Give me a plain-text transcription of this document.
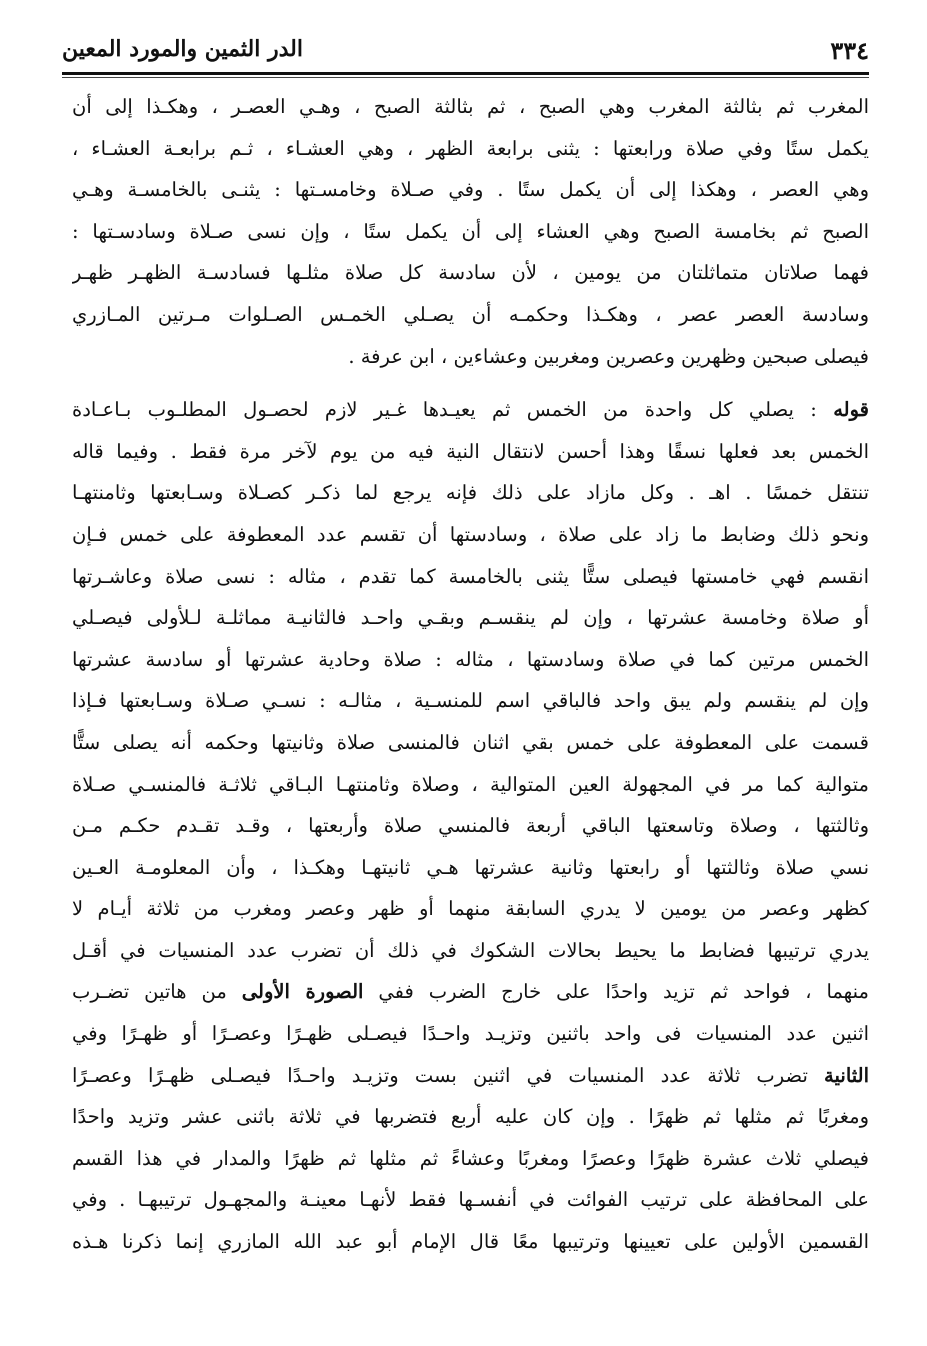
٣٣٤
الدر الثمين والمورد المعين
المغرب ثم بثالثة المغرب وهي الصبح ، ثم بثالثة الصبح ، وهـي العصـر ، وهكـذا إلى أن
يكمل ستًا وفي صلاة ورابعتها : يثنى برابعة الظهر ، وهي العشـاء ، ثـم برابعـة العشـاء ،
وهي العصر ، وهكذا إلى أن يكمل ستًا . وفي صـلاة وخامسـتها : يثنـى بالخامسـة وهـي
الصبح ثم بخامسة الصبح وهي العشاء إلى أن يكمل ستًا ، وإن نسى صـلاة وسادسـتها :
فهما صلاتان متماثلتان من يومين ، لأن سادسة كل صلاة مثلـها فسادسـة الظهـر ظهـر
وسادسة العصر عصر ، وهكـذا وحكمـه أن يصـلي الخمـس الصـلوات مـرتين المـازري
فيصلى صبحين وظهرين وعصرين ومغربين وعشاءين ، ابن عرفة .
قوله : يصلي كل واحدة من الخمس ثم يعيـدها غـير لازم لحصـول المطلـوب بـاعـادة
الخمس بعد فعلها نسقًا وهذا أحسن لانتقال النية فيه من يوم لآخر مرة فقط . وفيما قاله
تنتقل خمسًا . اهـ . وكل مازاد على ذلك فإنه يرجع لما ذكـر كصـلاة وسـابعتها وثامنتهـا
ونحو ذلك وضابط ما زاد على صلاة ، وسادستها أن تقسم عدد المعطوفة على خمس فـإن
انقسم فهي خامستها فيصلى ستًّا يثنى بالخامسة كما تقدم ، مثاله : نسى صلاة وعاشـرتها
أو صلاة وخامسة عشرتها ، وإن لم ينقسـم وبقـي واحـد فالثانيـة مماثلـة لـلأولى فيصـلي
الخمس مرتين كما في صلاة وسادستها ، مثاله : صلاة وحادية عشرتها أو سادسة عشرتها
وإن لم ينقسم ولم يبق واحد فالباقي اسم للمنسـية ، مثالـه : نسـي صـلاة وسـابعتها فـإذا
قسمت على المعطوفة على خمس بقي اثنان فالمنسى صلاة وثانيتها وحكمه أنه يصلى ستًّا
متوالية كما مر في المجهولة العين المتوالية ، وصلاة وثامنتهـا البـاقي ثلاثـة فالمنسـي صـلاة
وثالثتها ، وصلاة وتاسعتها الباقي أربعة فالمنسي صلاة وأربعتها ، وقـد تقـدم حكـم مـن
نسي صلاة وثالثتها أو رابعتها وثانية عشرتها هـي ثانيتهـا وهكـذا ، وأن المعلومـة العـين
كظهر وعصر من يومين لا يدري السابقة منهما أو ظهر وعصر ومغرب من ثلاثة أيـام لا
يدري ترتيبها فضابط ما يحيط بحالات الشكوك في ذلك أن تضرب عدد المنسيات في أقـل
منهما ، فواحد ثم تزيد واحدًا على خارج الضرب ففي الصورة الأولى من هاتين تضـرب
اثنين عدد المنسيات فى واحد باثنين وتزيـد واحـدًا فيصـلى ظهـرًا وعصـرًا أو ظهـرًا وفي
الثانية تضرب ثلاثة عدد المنسيات في اثنين بست وتزيـد واحـدًا فيصـلى ظهـرًا وعصـرًا
ومغربًا ثم مثلها ثم ظهرًا . وإن كان عليه أربع فتضربها في ثلاثة باثنى عشر وتزيد واحدًا
فيصلي ثلاث عشرة ظهرًا وعصرًا ومغربًا وعشاءً ثم مثلها ثم ظهرًا والمدار في هذا القسم
على المحافظة على ترتيب الفوائت في أنفسـها فقط لأنهـا معينـة والمجهـول ترتيبهـا . وفي
القسمين الأولين على تعيينها وترتيبها معًا قال الإمام أبو عبد الله المازري إنما ذكرنا هـذه
